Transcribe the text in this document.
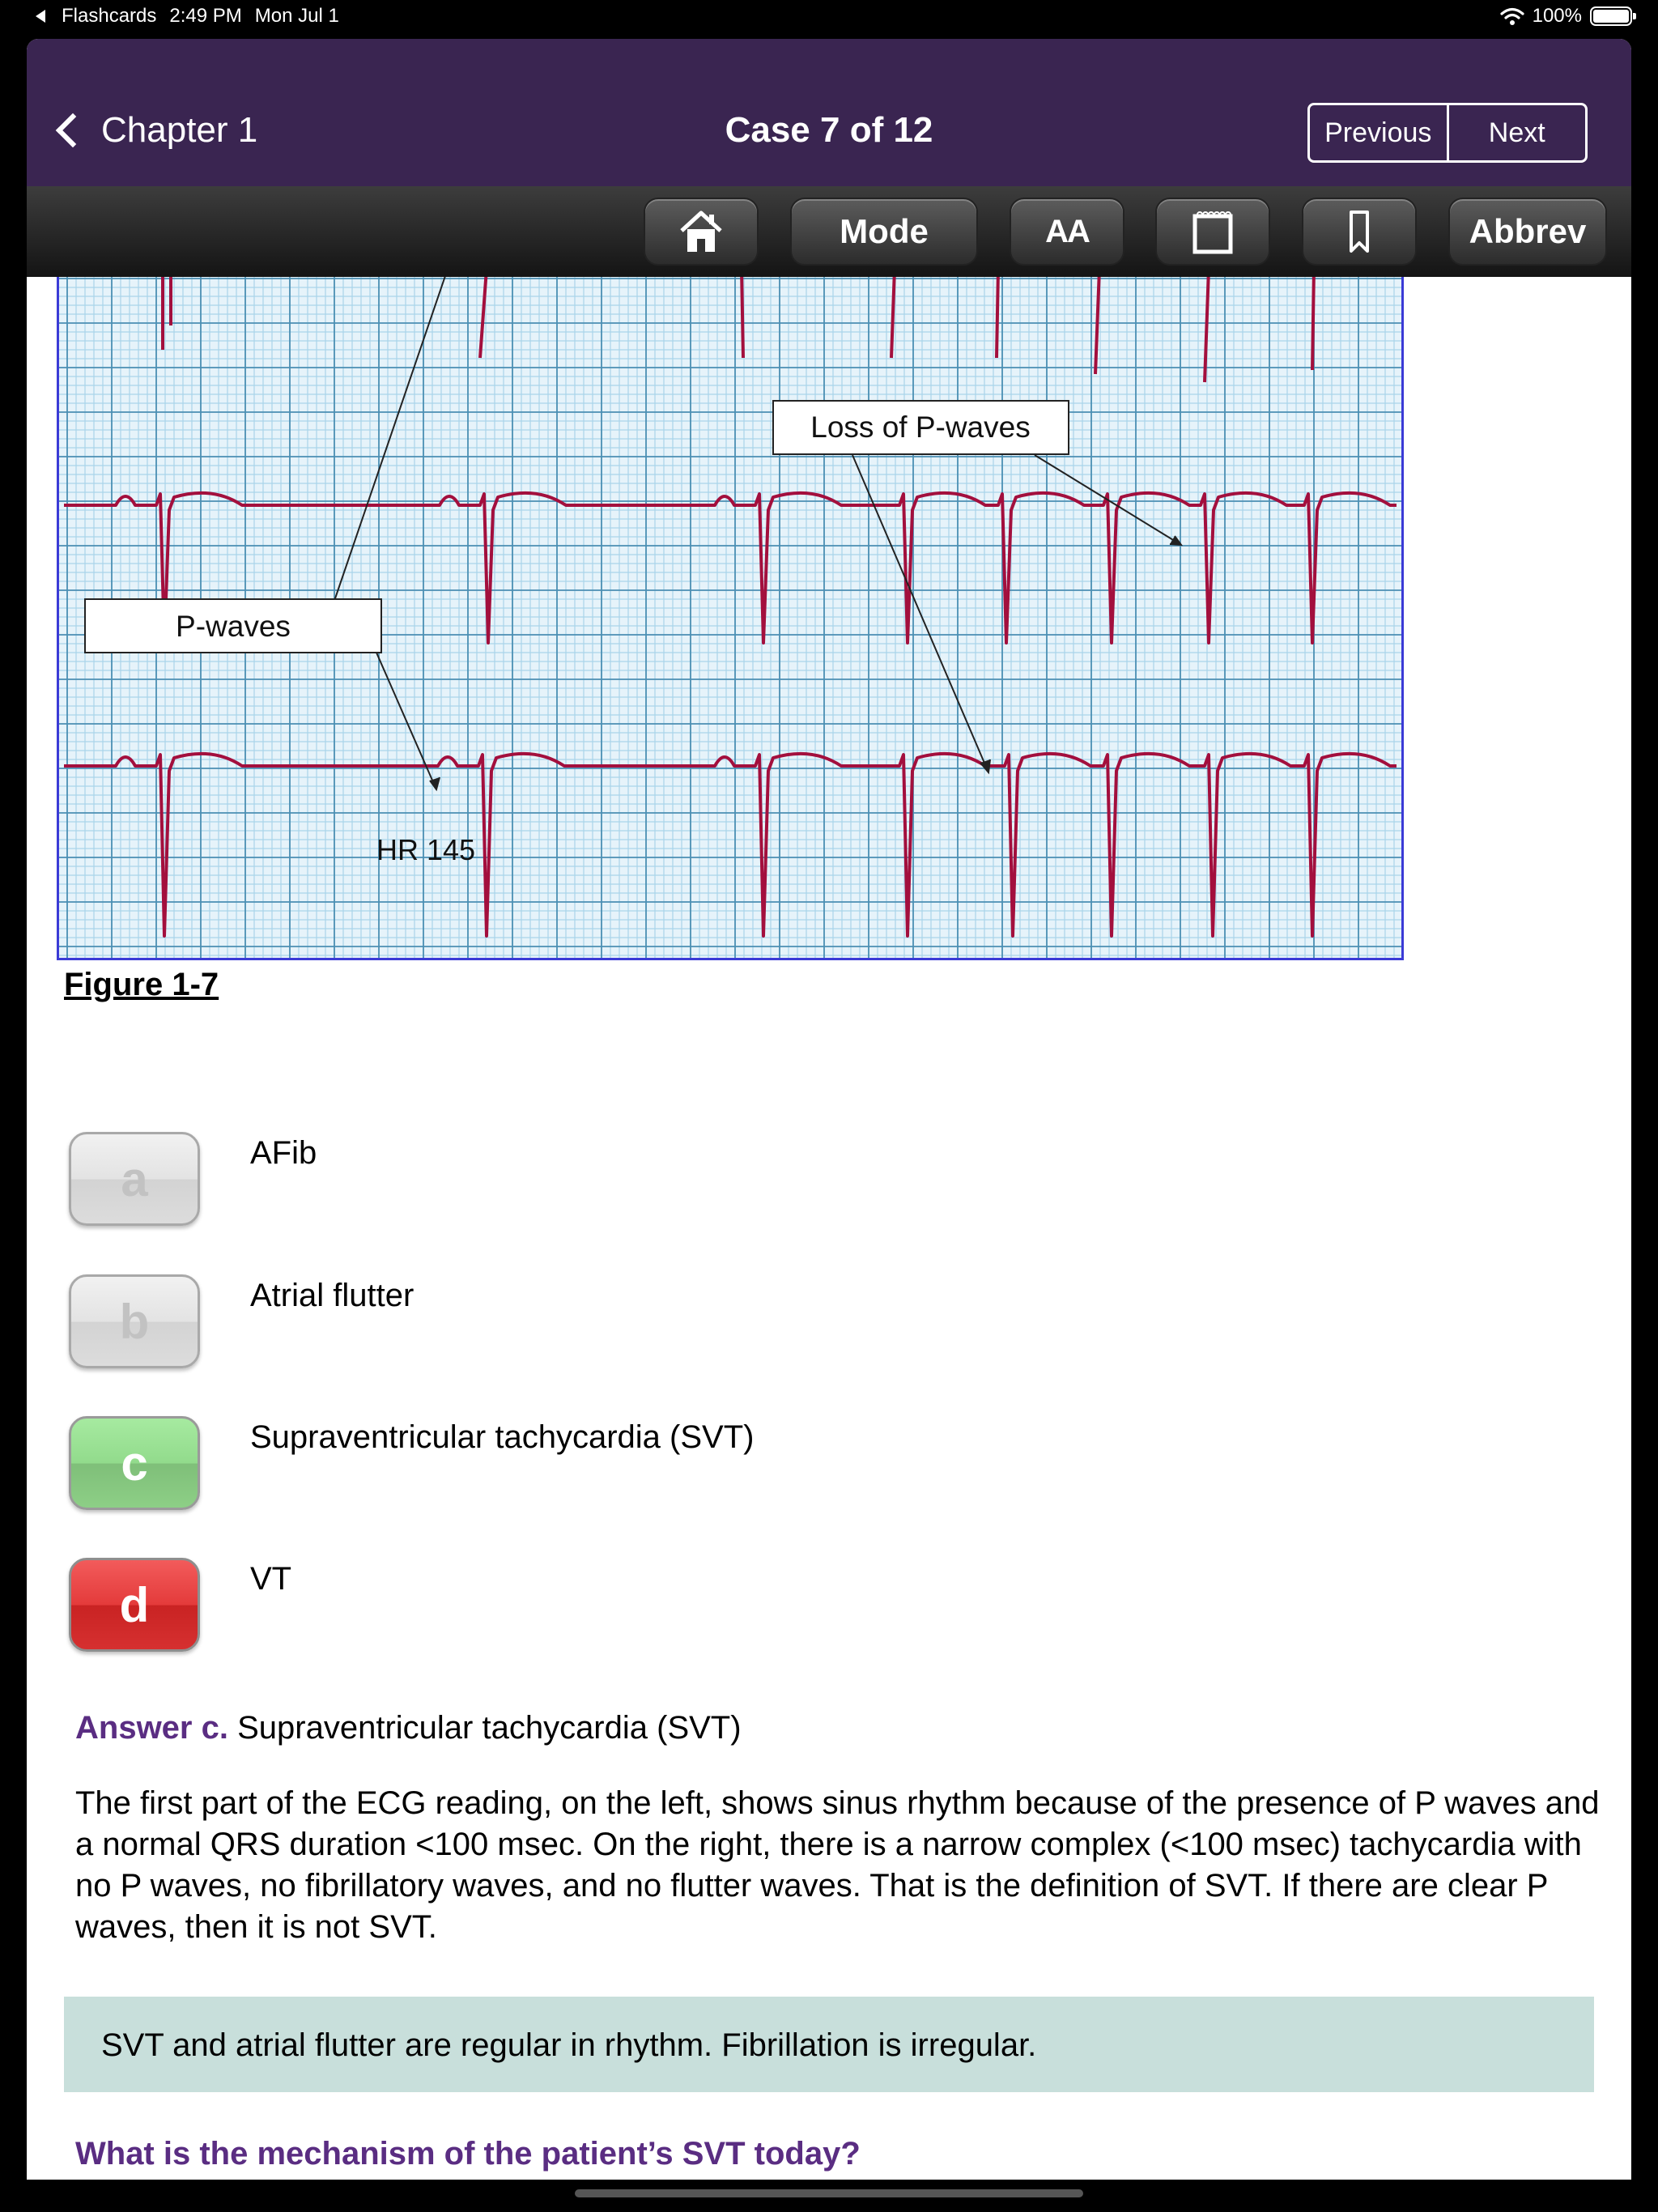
Flashcards 2:49 PM Mon Jul 1	100%
Chapter 1	Case 7 of 12	Previous	Next
Mode	AA	Abbrev
Loss of P-waves
P-waves
HR 145
Figure 1-7
a	AFib
b	Atrial flutter
c	Supraventricular tachycardia (SVT)
d	VT
Answer c. Supraventricular tachycardia (SVT)
The first part of the ECG reading, on the left, shows sinus rhythm because of the presence of P waves and a normal QRS duration <100 msec. On the right, there is a narrow complex (<100 msec) tachycardia with no P waves, no fibrillatory waves, and no flutter waves. That is the definition of SVT. If there are clear P waves, then it is not SVT.
SVT and atrial flutter are regular in rhythm. Fibrillation is irregular.
What is the mechanism of the patient’s SVT today?
